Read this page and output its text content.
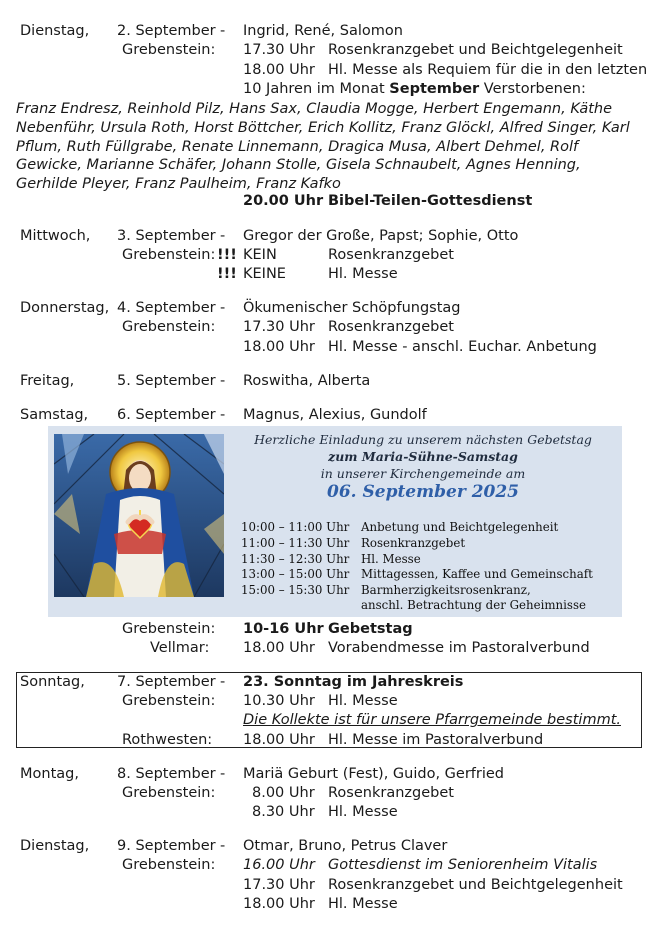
Dienstag, 2. September - Ingrid, René, Salomon
Grebenstein: 17.30 Uhr Rosenkranzgebet und Beichtgelegenheit
18.00 Uhr Hl. Messe als Requiem für die in den letzten
10 Jahren im Monat September Verstorbenen:
Franz Endresz, Reinhold Pilz, Hans Sax, Claudia Mogge, Herbert Engemann, Käthe Nebenführ, Ursula Roth, Horst Böttcher, Erich Kollitz, Franz Glöckl, Alfred Singer, Karl Pflum, Ruth Füllgrabe, Renate Linnemann, Dragica Musa, Albert Dehmel, Rolf Gewicke, Marianne Schäfer, Johann Stolle, Gisela Schnaubelt, Agnes Henning, Gerhilde Pleyer, Franz Paulheim, Franz Kafko
20.00 Uhr Bibel-Teilen-Gottesdienst
Mittwoch, 3. September - Gregor der Große, Papst; Sophie, Otto
Grebenstein: !!! KEIN	Rosenkranzgebet
!!! KEINE	Hl. Messe
Donnerstag, 4. September - Ökumenischer Schöpfungstag
Grebenstein: 17.30 Uhr Rosenkranzgebet
18.00 Uhr Hl. Messe - anschl. Euchar. Anbetung
Freitag,	5. September - Roswitha, Alberta
Samstag, 6. September - Magnus, Alexius, Gundolf
Herzliche Einladung zu unserem nächsten Gebetstag
zum Maria-Sühne-Samstag
in unserer Kirchengemeinde am
06. September 2025
10:00 – 11:00 Uhr Anbetung und Beichtgelegenheit
11:00 – 11:30 Uhr Rosenkranzgebet
11:30 – 12:30 Uhr Hl. Messe
13:00 – 15:00 Uhr Mittagessen, Kaffee und Gemeinschaft
15:00 – 15:30 Uhr Barmherzigkeitsrosenkranz,
anschl. Betrachtung der Geheimnisse
Grebenstein: 10-16 Uhr Gebetstag
Vellmar: 18.00 Uhr Vorabendmesse im Pastoralverbund
Sonntag, 7. September - 23. Sonntag im Jahreskreis
Grebenstein: 10.30 Uhr Hl. Messe
Die Kollekte ist für unsere Pfarrgemeinde bestimmt.
Rothwesten: 18.00 Uhr Hl. Messe im Pastoralverbund
Montag,	8. September - Mariä Geburt (Fest), Guido, Gerfried
Grebenstein:	8.00 Uhr Rosenkranzgebet
8.30 Uhr Hl. Messe
Dienstag, 9. September - Otmar, Bruno, Petrus Claver
Grebenstein: 16.00 Uhr Gottesdienst im Seniorenheim Vitalis
17.30 Uhr Rosenkranzgebet und Beichtgelegenheit
18.00 Uhr Hl. Messe
